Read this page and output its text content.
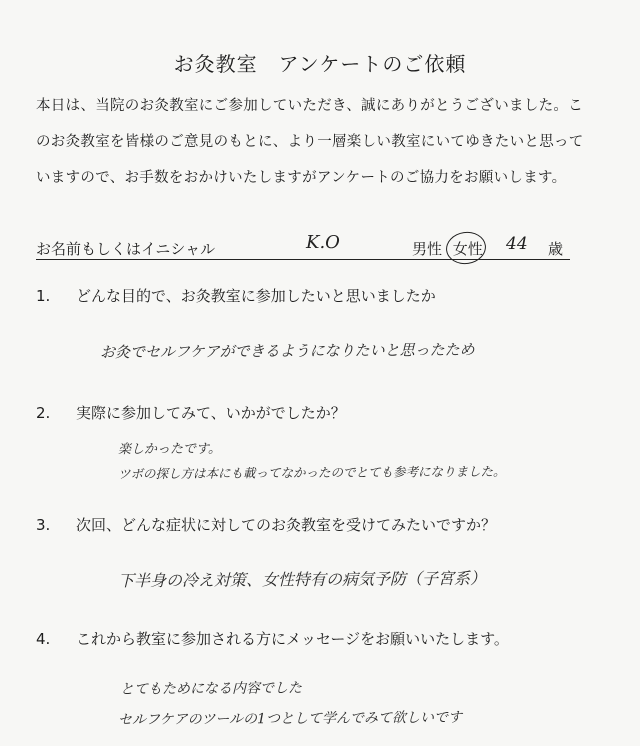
お灸教室　アンケートのご依頼
本日は、当院のお灸教室にご参加していただき、誠にありがとうございました。こ
のお灸教室を皆様のご意見のもとに、より一層楽しい教室にいてゆきたいと思って
いますので、お手数をおかけいたしますがアンケートのご協力をお願いします。
お名前もしくはイニシャル	K.O	男性 女性 44 歳
1. どんな目的で、お灸教室に参加したいと思いましたか
お灸でセルフケアができるようになりたいと思ったため
2. 実際に参加してみて、いかがでしたか？
楽しかったです。
ツボの探し方は本にも載ってなかったのでとても参考になりました。
3. 次回、どんな症状に対してのお灸教室を受けてみたいですか？
下半身の冷え対策、女性特有の病気予防（子宮系）
4. これから教室に参加される方にメッセージをお願いいたします。
とてもためになる内容でした
セルフケアのツールの1つとして学んでみて欲しいです
